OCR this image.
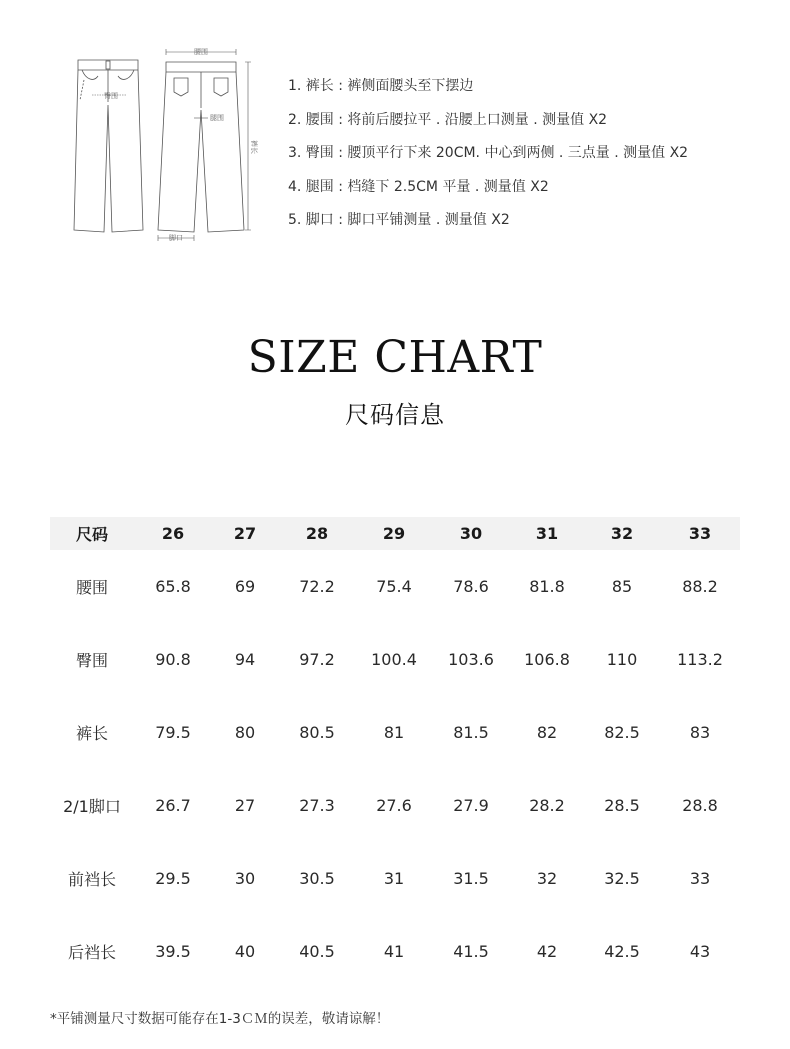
臀围
腰围
腿围
裤长
脚口
1. 裤长 : 裤侧面腰头至下摆边
2. 腰围 : 将前后腰拉平 . 沿腰上口测量 . 测量值 X2
3. 臀围 : 腰顶平行下来 20CM. 中心到两侧 . 三点量 . 测量值 X2
4. 腿围 : 档缝下 2.5CM 平量 . 测量值 X2
5. 脚口 : 脚口平铺测量 . 测量值 X2
SIZE CHART
尺码信息
尺码	26	27	28	29	30	31	32	33
腰围	65.8	69	72.2	75.4	78.6	81.8	85	88.2
臀围	90.8	94	97.2	100.4	103.6	106.8	110	113.2
裤长	79.5	80	80.5	81	81.5	82	82.5	83
2/1脚口	26.7	27	27.3	27.6	27.9	28.2	28.5	28.8
前裆长	29.5	30	30.5	31	31.5	32	32.5	33
后裆长	39.5	40	40.5	41	41.5	42	42.5	43
*平铺测量尺寸数据可能存在1-3ＣＭ的误差，敬请谅解！
